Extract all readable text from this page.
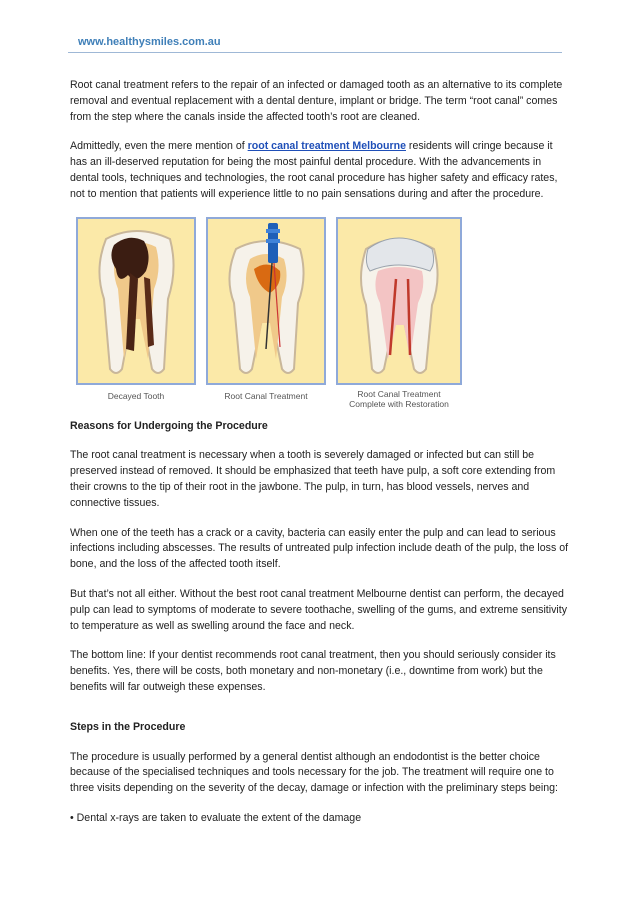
www.healthysmiles.com.au

Root canal treatment refers to the repair of an infected or damaged tooth as an alternative to its complete removal and eventual replacement with a dental denture, implant or bridge. The term “root canal” comes from the step where the canals inside the affected tooth’s root are cleaned.

Admittedly, even the mere mention of root canal treatment Melbourne residents will cringe because it has an ill-deserved reputation for being the most painful dental procedure. With the advancements in dental tools, techniques and technologies, the root canal procedure has higher safety and efficacy rates, not to mention that patients will experience little to no pain sensations during and after the procedure.

Decayed Tooth	Root Canal Treatment	Root Canal Treatment
Complete with Restoration

Reasons for Undergoing the Procedure

The root canal treatment is necessary when a tooth is severely damaged or infected but can still be preserved instead of removed. It should be emphasized that teeth have pulp, a soft core extending from their crowns to the tip of their root in the jawbone. The pulp, in turn, has blood vessels, nerves and connective tissues.

When one of the teeth has a crack or a cavity, bacteria can easily enter the pulp and can lead to serious infections including abscesses. The results of untreated pulp infection include death of the pulp, the loss of bone, and the loss of the affected tooth itself.

But that’s not all either. Without the best root canal treatment Melbourne dentist can perform, the decayed pulp can lead to symptoms of moderate to severe toothache, swelling of the gums, and extreme sensitivity to temperature as well as swelling around the face and neck.

The bottom line: If your dentist recommends root canal treatment, then you should seriously consider its benefits. Yes, there will be costs, both monetary and non-monetary (i.e., downtime from work) but the benefits will far outweigh these expenses.

Steps in the Procedure

The procedure is usually performed by a general dentist although an endodontist is the better choice because of the specialised techniques and tools necessary for the job. The treatment will require one to three visits depending on the severity of the decay, damage or infection with the preliminary steps being:

• Dental x-rays are taken to evaluate the extent of the damage
